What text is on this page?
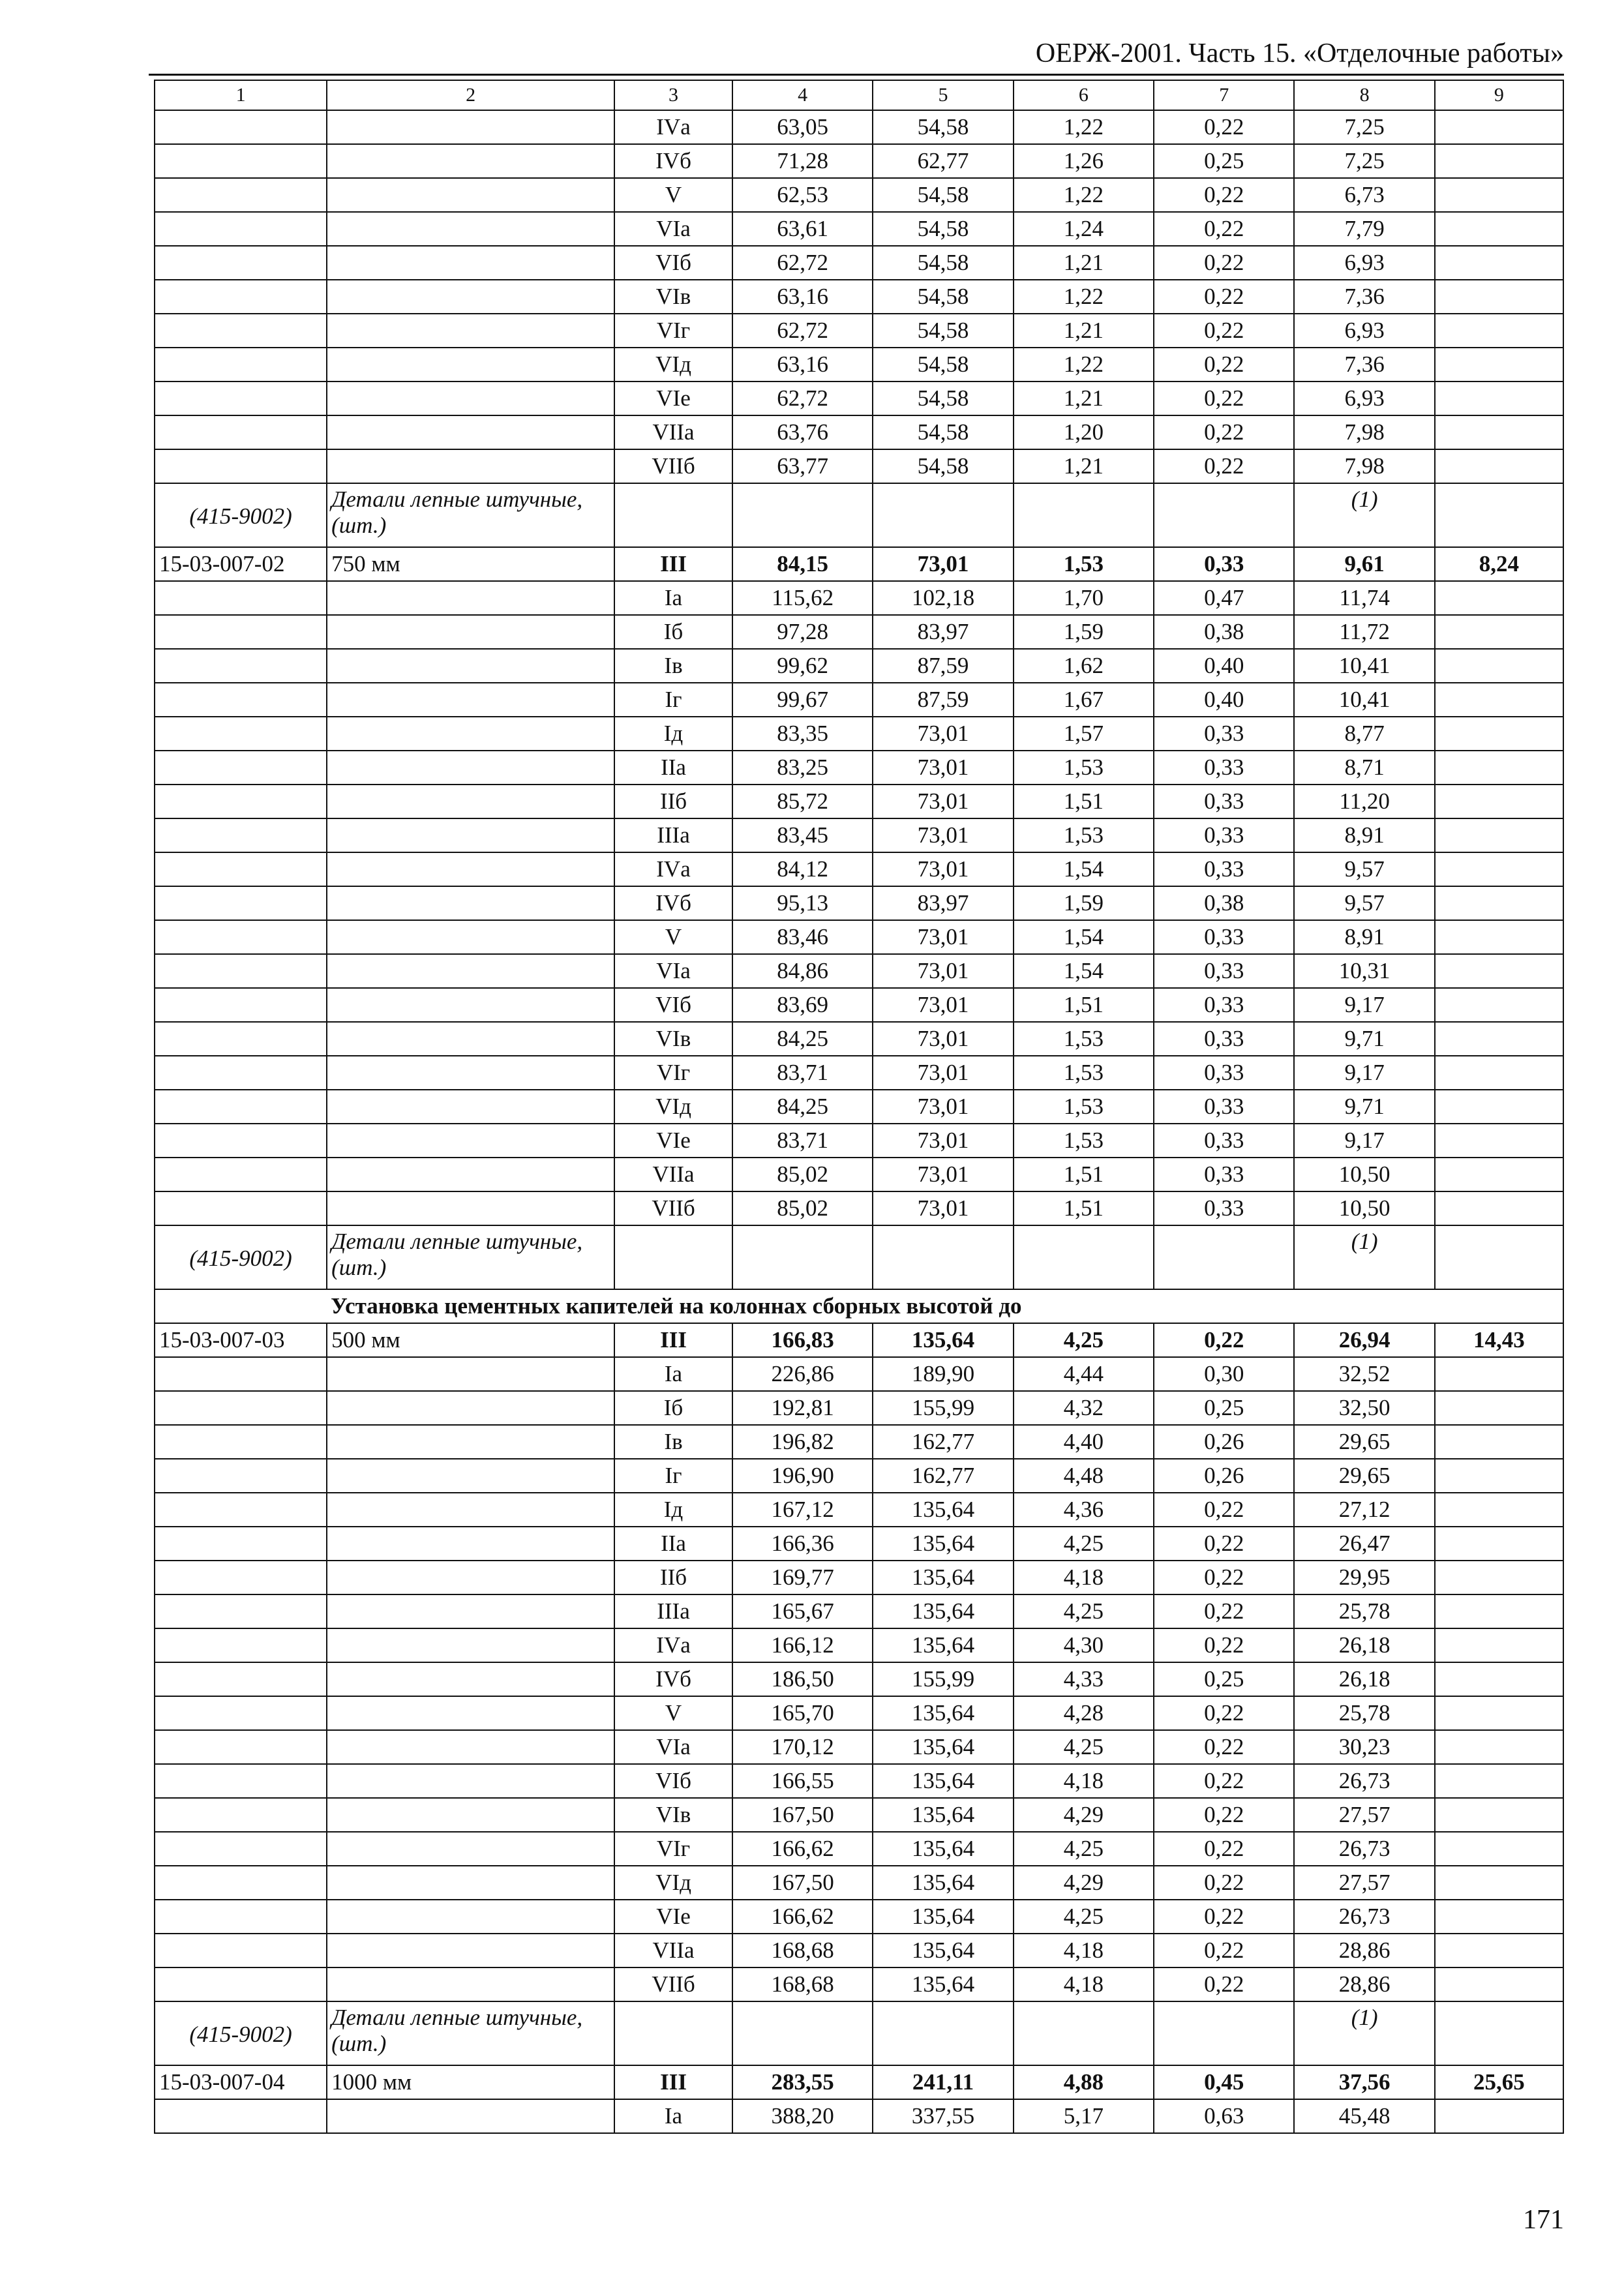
ОЕРЖ-2001. Часть 15. «Отделочные работы»
1	2	3	4	5	6	7	8	9
		IVа	63,05	54,58	1,22	0,22	7,25	
		IVб	71,28	62,77	1,26	0,25	7,25	
		V	62,53	54,58	1,22	0,22	6,73	
		VIа	63,61	54,58	1,24	0,22	7,79	
		VIб	62,72	54,58	1,21	0,22	6,93	
		VIв	63,16	54,58	1,22	0,22	7,36	
		VIг	62,72	54,58	1,21	0,22	6,93	
		VIд	63,16	54,58	1,22	0,22	7,36	
		VIе	62,72	54,58	1,21	0,22	6,93	
		VIIа	63,76	54,58	1,20	0,22	7,98	
		VIIб	63,77	54,58	1,21	0,22	7,98	
(415-9002)	Детали лепные штучные, (шт.)						(1)	
15-03-007-02	750 мм	III	84,15	73,01	1,53	0,33	9,61	8,24
		Iа	115,62	102,18	1,70	0,47	11,74	
		Iб	97,28	83,97	1,59	0,38	11,72	
		Iв	99,62	87,59	1,62	0,40	10,41	
		Iг	99,67	87,59	1,67	0,40	10,41	
		Iд	83,35	73,01	1,57	0,33	8,77	
		IIа	83,25	73,01	1,53	0,33	8,71	
		IIб	85,72	73,01	1,51	0,33	11,20	
		IIIа	83,45	73,01	1,53	0,33	8,91	
		IVа	84,12	73,01	1,54	0,33	9,57	
		IVб	95,13	83,97	1,59	0,38	9,57	
		V	83,46	73,01	1,54	0,33	8,91	
		VIа	84,86	73,01	1,54	0,33	10,31	
		VIб	83,69	73,01	1,51	0,33	9,17	
		VIв	84,25	73,01	1,53	0,33	9,71	
		VIг	83,71	73,01	1,53	0,33	9,17	
		VIд	84,25	73,01	1,53	0,33	9,71	
		VIе	83,71	73,01	1,53	0,33	9,17	
		VIIа	85,02	73,01	1,51	0,33	10,50	
		VIIб	85,02	73,01	1,51	0,33	10,50	
(415-9002)	Детали лепные штучные, (шт.)						(1)	
	Установка цементных капителей на колоннах сборных высотой до							
15-03-007-03	500 мм	III	166,83	135,64	4,25	0,22	26,94	14,43
		Iа	226,86	189,90	4,44	0,30	32,52	
		Iб	192,81	155,99	4,32	0,25	32,50	
		Iв	196,82	162,77	4,40	0,26	29,65	
		Iг	196,90	162,77	4,48	0,26	29,65	
		Iд	167,12	135,64	4,36	0,22	27,12	
		IIа	166,36	135,64	4,25	0,22	26,47	
		IIб	169,77	135,64	4,18	0,22	29,95	
		IIIа	165,67	135,64	4,25	0,22	25,78	
		IVа	166,12	135,64	4,30	0,22	26,18	
		IVб	186,50	155,99	4,33	0,25	26,18	
		V	165,70	135,64	4,28	0,22	25,78	
		VIа	170,12	135,64	4,25	0,22	30,23	
		VIб	166,55	135,64	4,18	0,22	26,73	
		VIв	167,50	135,64	4,29	0,22	27,57	
		VIг	166,62	135,64	4,25	0,22	26,73	
		VIд	167,50	135,64	4,29	0,22	27,57	
		VIе	166,62	135,64	4,25	0,22	26,73	
		VIIа	168,68	135,64	4,18	0,22	28,86	
		VIIб	168,68	135,64	4,18	0,22	28,86	
(415-9002)	Детали лепные штучные, (шт.)						(1)	
15-03-007-04	1000 мм	III	283,55	241,11	4,88	0,45	37,56	25,65
		Iа	388,20	337,55	5,17	0,63	45,48	
171
